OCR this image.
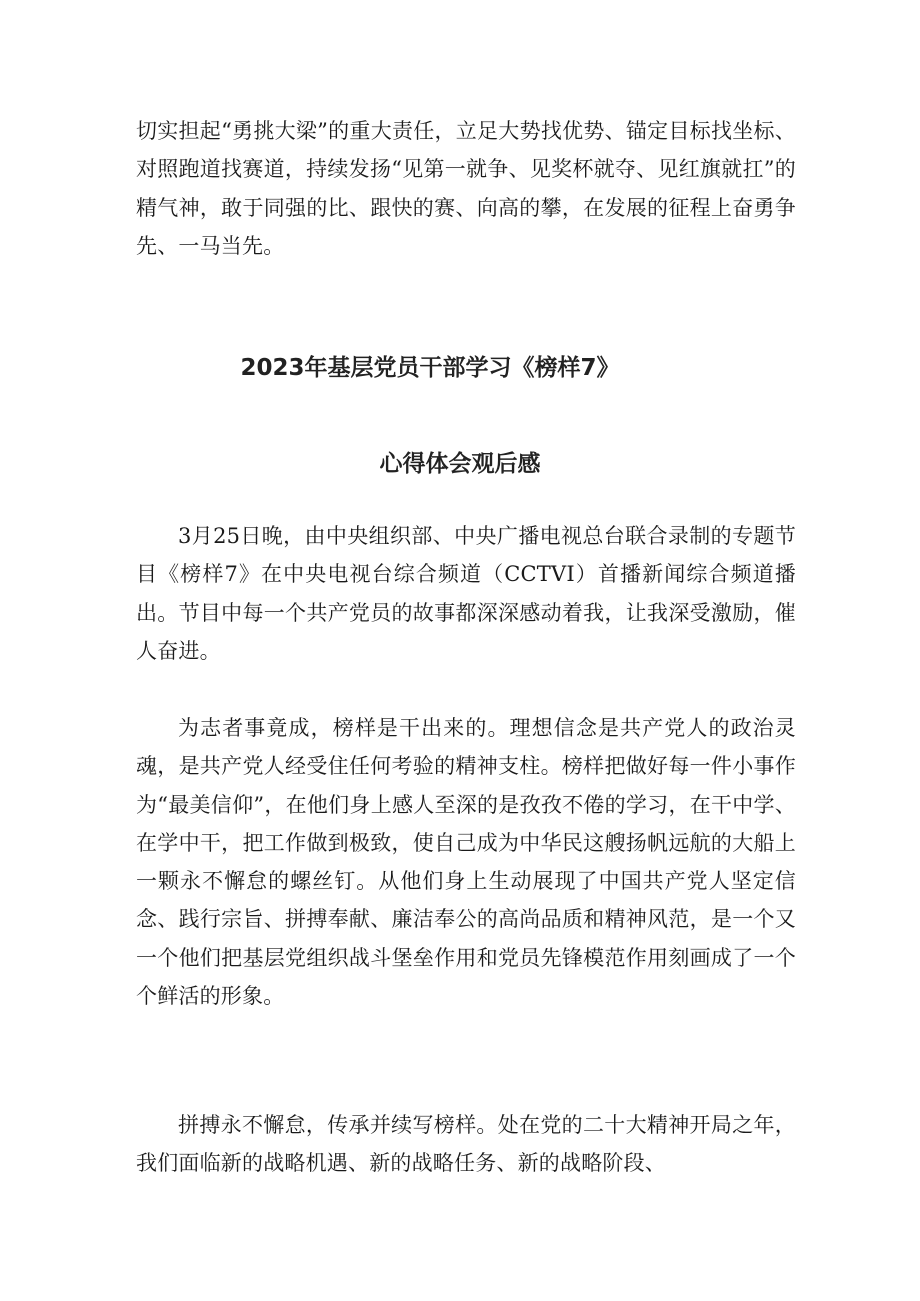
切实担起“勇挑大梁”的重大责任，立足大势找优势、锚定目标找坐标、对照跑道找赛道，持续发扬“见第一就争、见奖杯就夺、见红旗就扛”的精气神，敢于同强的比、跟快的赛、向高的攀，在发展的征程上奋勇争先、一马当先。

2023年基层党员干部学习《榜样7》
心得体会观后感

3月25日晚，由中央组织部、中央广播电视总台联合录制的专题节目《榜样7》在中央电视台综合频道（CCTVI）首播新闻综合频道播出。节目中每一个共产党员的故事都深深感动着我，让我深受激励，催人奋进。

为志者事竟成，榜样是干出来的。理想信念是共产党人的政治灵魂，是共产党人经受住任何考验的精神支柱。榜样把做好每一件小事作为“最美信仰”，在他们身上感人至深的是孜孜不倦的学习，在干中学、在学中干，把工作做到极致，使自己成为中华民这艘扬帆远航的大船上一颗永不懈怠的螺丝钉。从他们身上生动展现了中国共产党人坚定信念、践行宗旨、拼搏奉献、廉洁奉公的高尚品质和精神风范，是一个又一个他们把基层党组织战斗堡垒作用和党员先锋模范作用刻画成了一个个鲜活的形象。

拼搏永不懈怠，传承并续写榜样。处在党的二十大精神开局之年，我们面临新的战略机遇、新的战略任务、新的战略阶段、
